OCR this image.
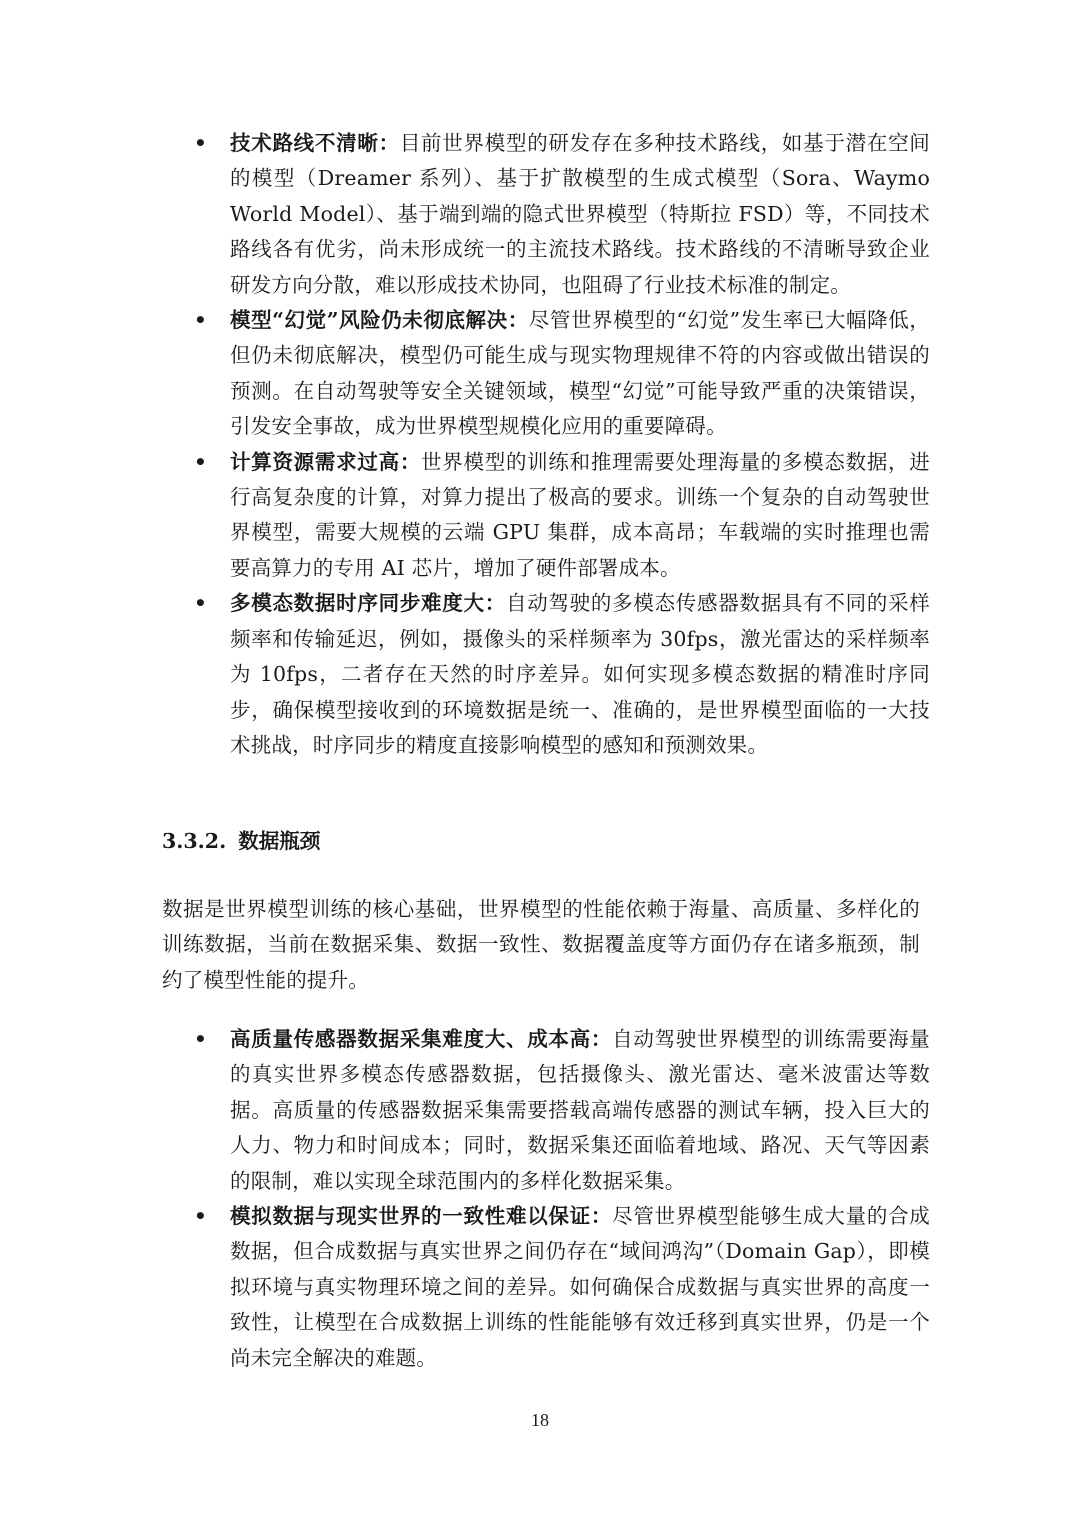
• 技术路线不清晰：目前世界模型的研发存在多种技术路线，如基于潜在空间的模型（Dreamer 系列）、基于扩散模型的生成式模型（Sora、Waymo World Model）、基于端到端的隐式世界模型（特斯拉 FSD）等，不同技术路线各有优劣，尚未形成统一的主流技术路线。技术路线的不清晰导致企业研发方向分散，难以形成技术协同，也阻碍了行业技术标准的制定。
• 模型“幻觉”风险仍未彻底解决：尽管世界模型的“幻觉”发生率已大幅降低，但仍未彻底解决，模型仍可能生成与现实物理规律不符的内容或做出错误的预测。在自动驾驶等安全关键领域，模型“幻觉”可能导致严重的决策错误，引发安全事故，成为世界模型规模化应用的重要障碍。
• 计算资源需求过高：世界模型的训练和推理需要处理海量的多模态数据，进行高复杂度的计算，对算力提出了极高的要求。训练一个复杂的自动驾驶世界模型，需要大规模的云端 GPU 集群，成本高昂；车载端的实时推理也需要高算力的专用 AI 芯片，增加了硬件部署成本。
• 多模态数据时序同步难度大：自动驾驶的多模态传感器数据具有不同的采样频率和传输延迟，例如，摄像头的采样频率为 30fps，激光雷达的采样频率为 10fps，二者存在天然的时序差异。如何实现多模态数据的精准时序同步，确保模型接收到的环境数据是统一、准确的，是世界模型面临的一大技术挑战，时序同步的精度直接影响模型的感知和预测效果。
3.3.2. 数据瓶颈

数据是世界模型训练的核心基础，世界模型的性能依赖于海量、高质量、多样化的训练数据，当前在数据采集、数据一致性、数据覆盖度等方面仍存在诸多瓶颈，制约了模型性能的提升。

• 高质量传感器数据采集难度大、成本高：自动驾驶世界模型的训练需要海量的真实世界多模态传感器数据，包括摄像头、激光雷达、毫米波雷达等数据。高质量的传感器数据采集需要搭载高端传感器的测试车辆，投入巨大的人力、物力和时间成本；同时，数据采集还面临着地域、路况、天气等因素的限制，难以实现全球范围内的多样化数据采集。
• 模拟数据与现实世界的一致性难以保证：尽管世界模型能够生成大量的合成数据，但合成数据与真实世界之间仍存在“域间鸿沟”（Domain Gap），即模拟环境与真实物理环境之间的差异。如何确保合成数据与真实世界的高度一致性，让模型在合成数据上训练的性能能够有效迁移到真实世界，仍是一个尚未完全解决的难题。
18
